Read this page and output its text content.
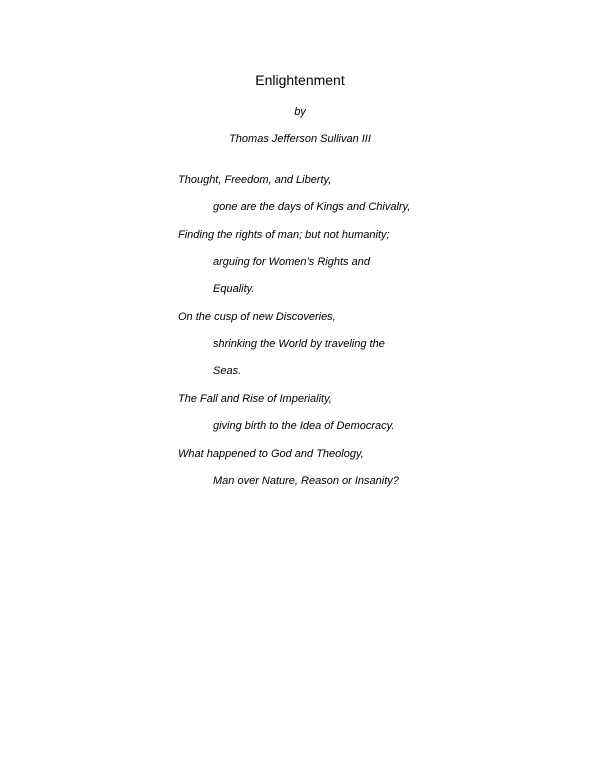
Enlightenment
by
Thomas Jefferson Sullivan III
Thought, Freedom, and Liberty,
gone are the days of Kings and Chivalry,
Finding the rights of man; but not humanity;
arguing for Women’s Rights and
Equality.
On the cusp of new Discoveries,
shrinking the World by traveling the
Seas.
The Fall and Rise of Imperiality,
giving birth to the Idea of Democracy.
What happened to God and Theology,
Man over Nature, Reason or Insanity?
